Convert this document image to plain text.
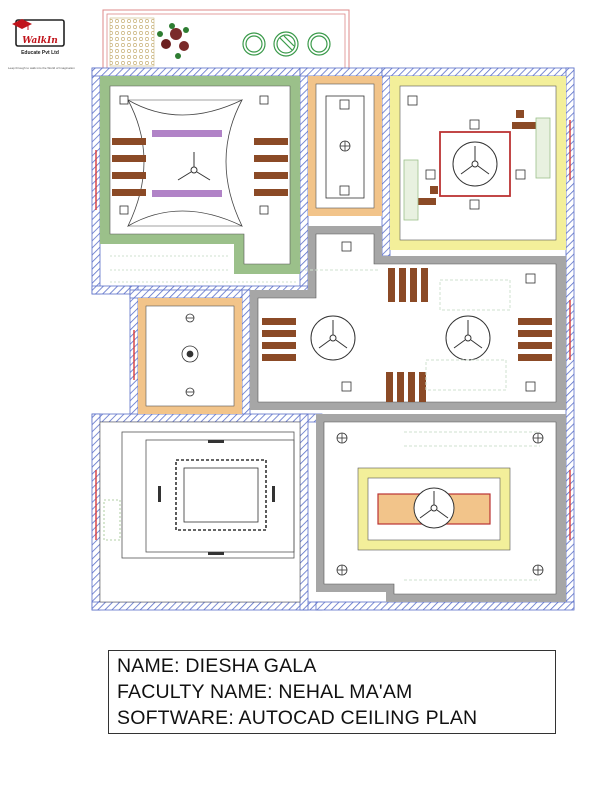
WalkIn
Educate Pvt Ltd
Leap through to walk into the World of Imagination
NAME: DIESHA GALA
FACULTY NAME: NEHAL MA'AM
SOFTWARE: AUTOCAD CEILING PLAN
